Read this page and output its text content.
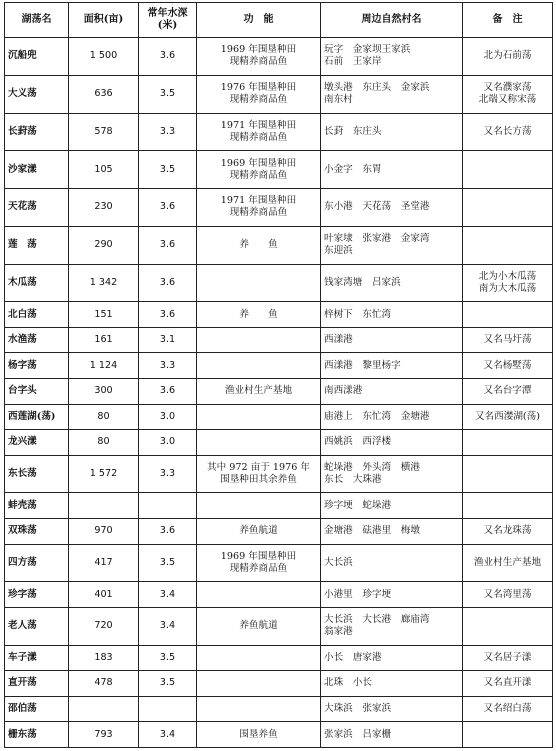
湖荡名	面积(亩)	常年水深(米)	功　能	周边自然村名	备　注
沉船兜	1 500	3.6	1969 年围垦种田
现精养商品鱼	玩字　金家坝王家浜
石前　王家岸	北为石前荡

大义荡	636	3.5	1976 年围垦种田
现精养商品鱼	墩头港　东庄头　金家浜
南东村	又名濮家荡
北端又称宋荡

长葑荡	578	3.3	1971 年围垦种田
现精养商品鱼	长葑　东庄头	又名长方荡

沙家漾	105	3.5	1969 年围垦种田
现精养商品鱼	小金字　东胃	

天花荡	230	3.6	1971 年围垦种田
现精养商品鱼	东小港　天花荡　圣堂港	

莲　荡	290	3.6	养　　鱼	叶家埭　张家港　金家湾
东迎浜	

木瓜荡	1 342	3.6		钱家湾塘　吕家浜	北为小木瓜荡
南为大木瓜荡

北白荡	151	3.6	养　　鱼	梓树下　东忙湾	

水渔荡	161	3.1		西漾港	又名马圩荡

杨字荡	1 124	3.3		西漾港　黎里杨字	又名杨墅荡

台字头	300	3.6	渔业村生产基地	南西漾港	又名台字潭

西莲湖(荡)	80	3.0		庙港上　东忙湾　金塘港	又名西漤湖(荡)

龙兴漾	80	3.0		西姚浜　西浮楼	

东长荡	1 572	3.3	其中 972 亩于 1976 年
围垦种田其余养鱼	蛇垛港　外头湾　横港
东长　大珠港	

蚌壳荡				珍字埂　蛇垛港	

双珠荡	970	3.6	养鱼航道	金塘港　砝港里　梅墩	又名龙珠荡

四方荡	417	3.5	1969 年围垦种田
现精养商品鱼	大长浜	渔业村生产基地

珍字荡	401	3.4		小港里　珍字埂	又名湾里荡

老人荡	720	3.4	养鱼航道	大长浜　大长港　廊庙湾
翁家港	

车子漾	183	3.5		小长　唐家港	又名居子漾

直开荡	478	3.5		北珠　小长	又名直开漾

邵伯荡				大珠浜　张家浜	又名绍白荡

栅东荡	793	3.4	围垦养鱼	张家浜　吕家栅	
